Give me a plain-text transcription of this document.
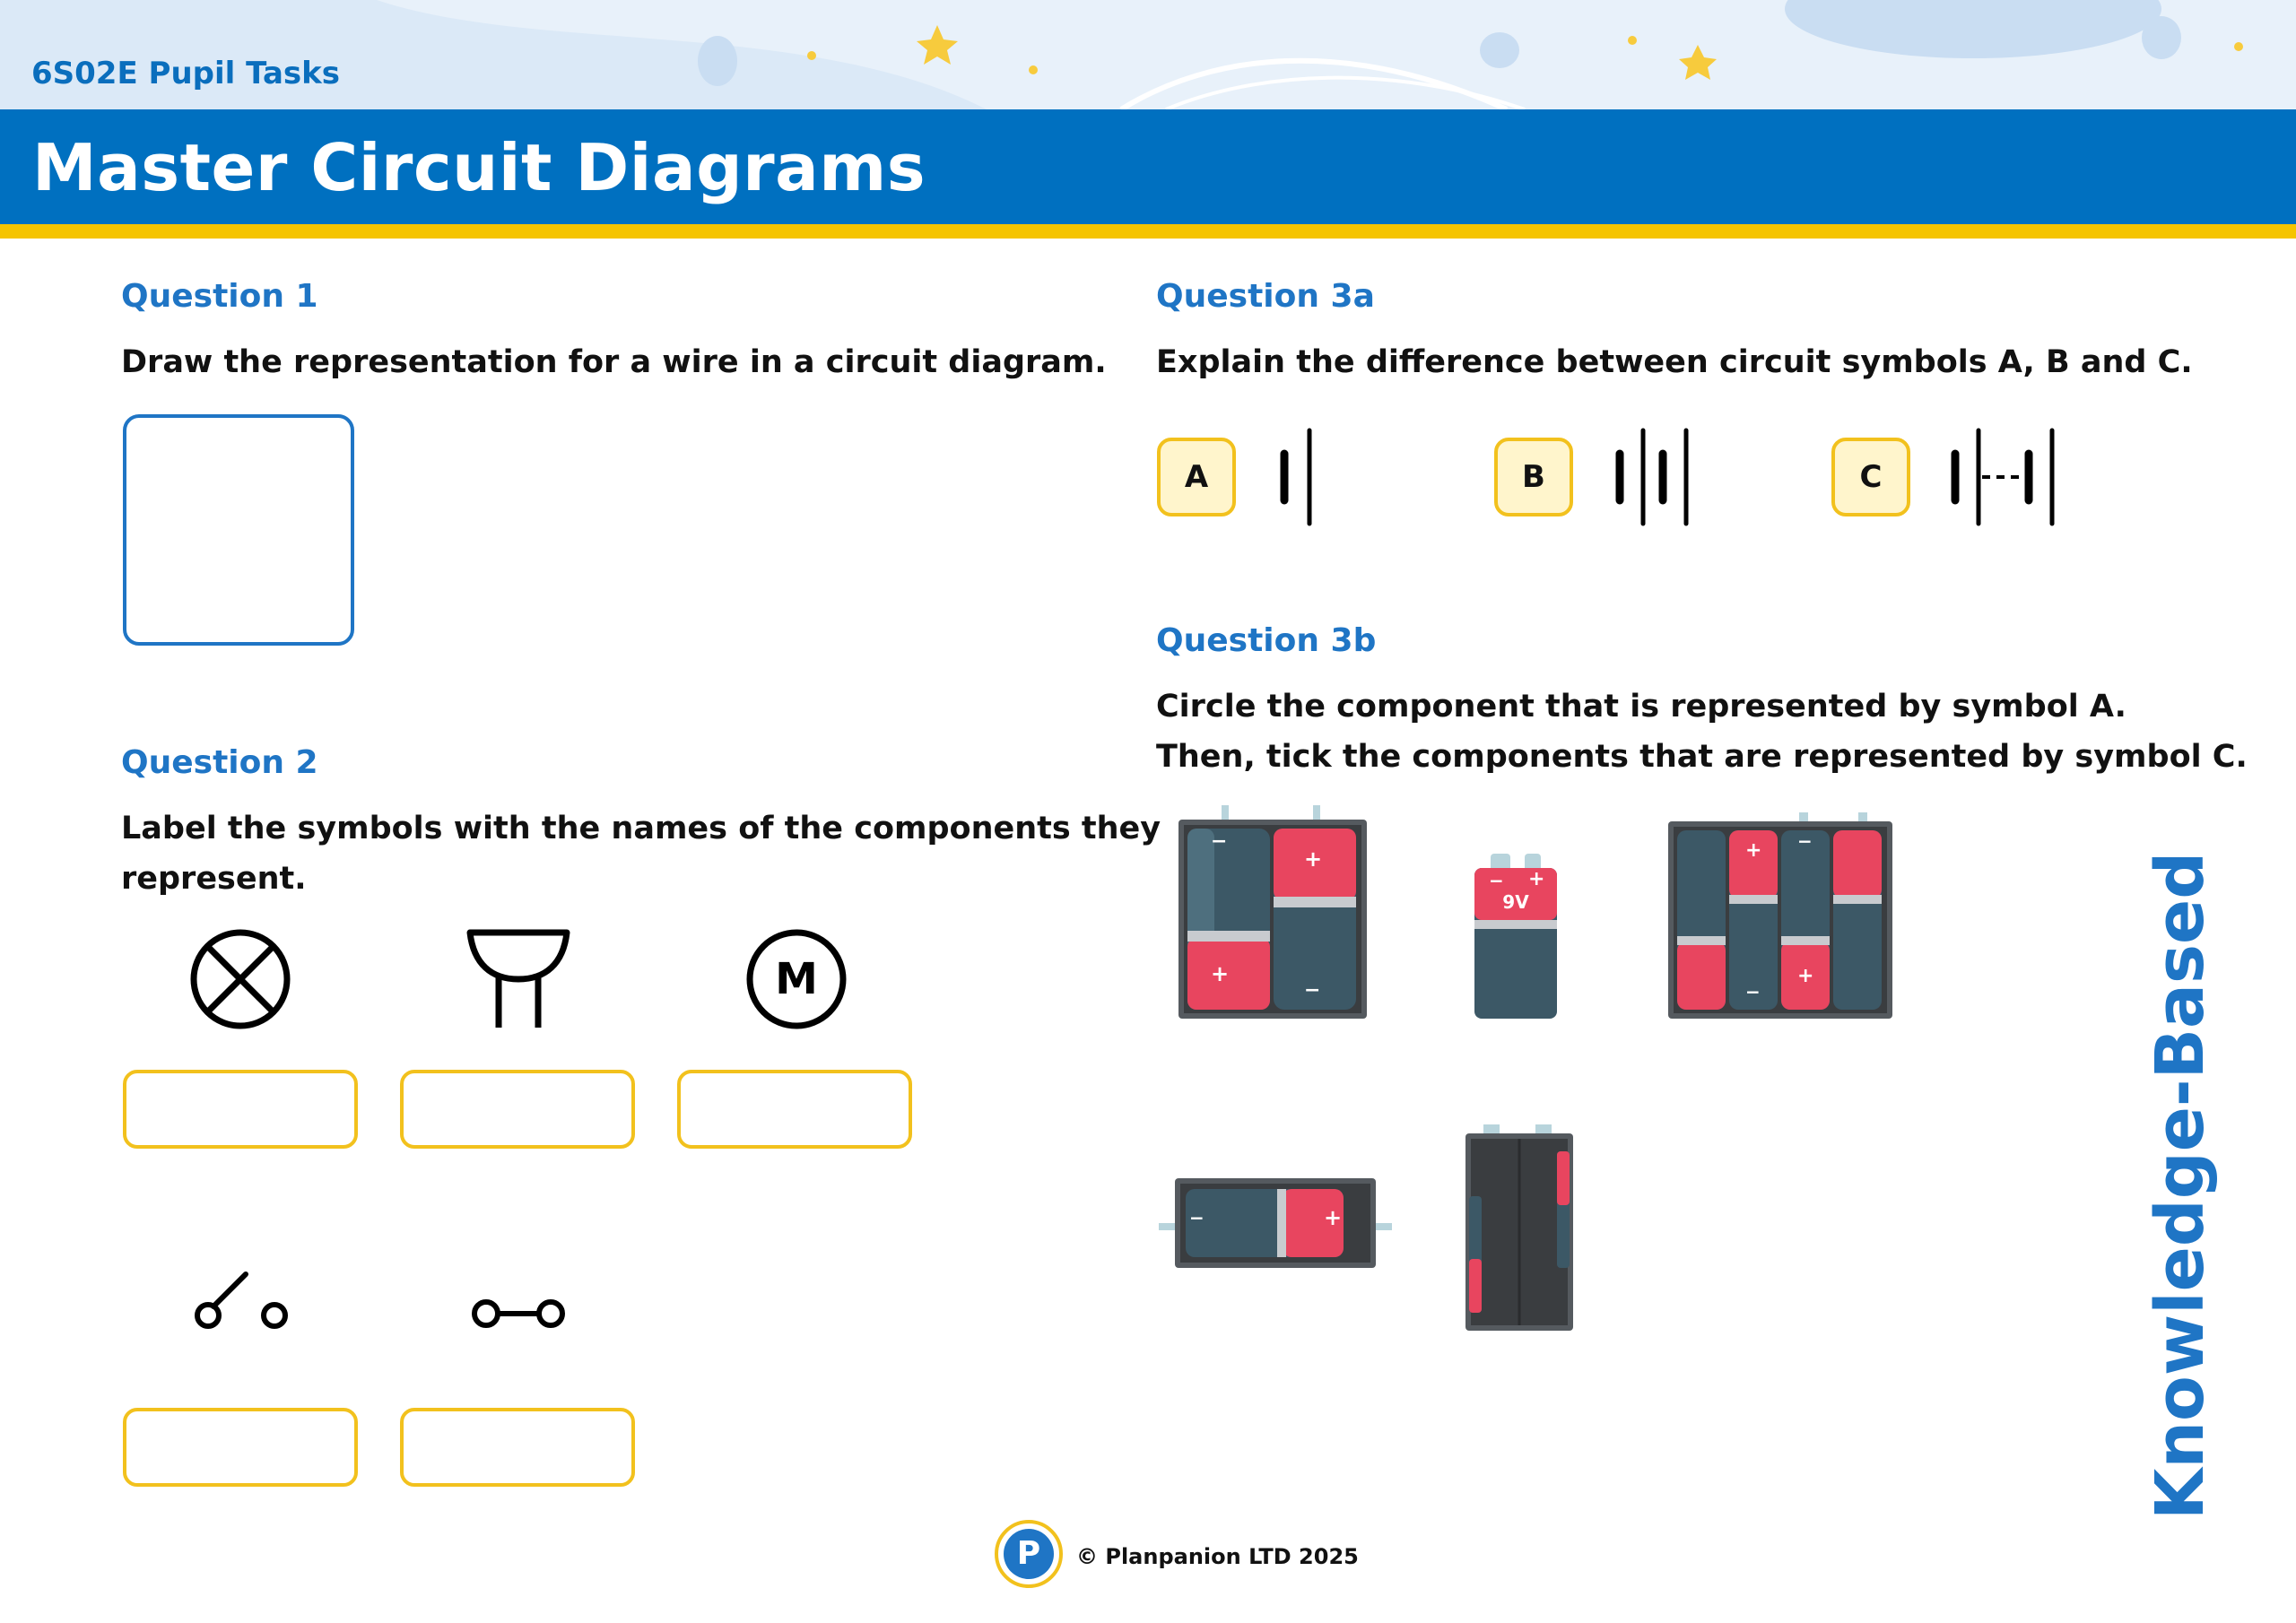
6S02E Pupil Tasks
Master Circuit Diagrams
Question 1
Draw the representation for a wire in a circuit diagram.
Question 2
Label the symbols with the names of the components they
represent.
M
Question 3a
Explain the difference between circuit symbols A, B and C.
A	B	C
Question 3b
Circle the component that is represented by symbol A.
Then, tick the components that are represented by symbol C.
−
+
+
−
− +
9V
+ −
−
+
−	+	Knowledge-Based
P	© Planpanion LTD 2025
